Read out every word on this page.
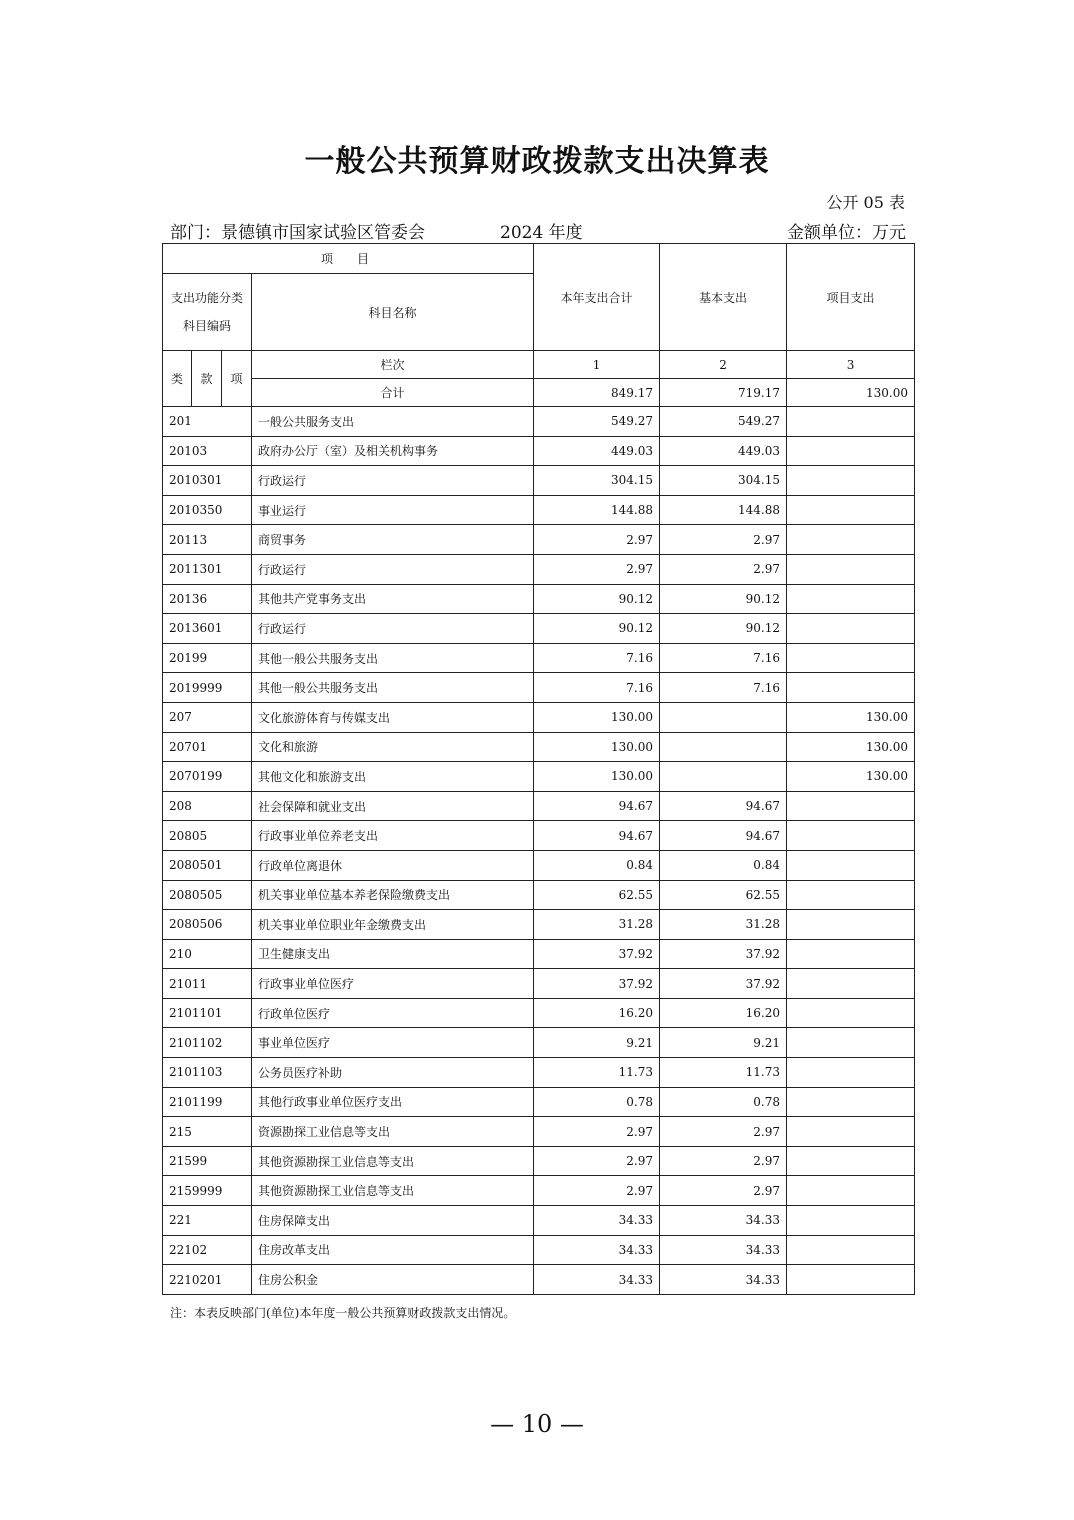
一般公共预算财政拨款支出决算表
公开 05 表
部门：景德镇市国家试验区管委会	2024 年度	金额单位：万元
项　目				本年支出合计	基本支出	项目支出

支出功能分类
科目编码			科目名称			
类	款	项	栏次	1	2	3
			合计	849.17	719.17	130.00
201			一般公共服务支出	549.27	549.27	
20103			政府办公厅（室）及相关机构事务	449.03	449.03	
2010301			行政运行	304.15	304.15	
2010350			事业运行	144.88	144.88	
20113			商贸事务	2.97	2.97	
2011301			行政运行	2.97	2.97	
20136			其他共产党事务支出	90.12	90.12	
2013601			行政运行	90.12	90.12	
20199			其他一般公共服务支出	7.16	7.16	
2019999			其他一般公共服务支出	7.16	7.16	
207			文化旅游体育与传媒支出	130.00		130.00
20701			文化和旅游	130.00		130.00
2070199			其他文化和旅游支出	130.00		130.00
208			社会保障和就业支出	94.67	94.67	
20805			行政事业单位养老支出	94.67	94.67	
2080501			行政单位离退休	0.84	0.84	
2080505			机关事业单位基本养老保险缴费支出	62.55	62.55	
2080506			机关事业单位职业年金缴费支出	31.28	31.28	
210			卫生健康支出	37.92	37.92	
21011			行政事业单位医疗	37.92	37.92	
2101101			行政单位医疗	16.20	16.20	
2101102			事业单位医疗	9.21	9.21	
2101103			公务员医疗补助	11.73	11.73	
2101199			其他行政事业单位医疗支出	0.78	0.78	
215			资源勘探工业信息等支出	2.97	2.97	
21599			其他资源勘探工业信息等支出	2.97	2.97	
2159999			其他资源勘探工业信息等支出	2.97	2.97	
221			住房保障支出	34.33	34.33	
22102			住房改革支出	34.33	34.33	
2210201			住房公积金	34.33	34.33	
注：本表反映部门(单位)本年度一般公共预算财政拨款支出情况。
— 10 —
